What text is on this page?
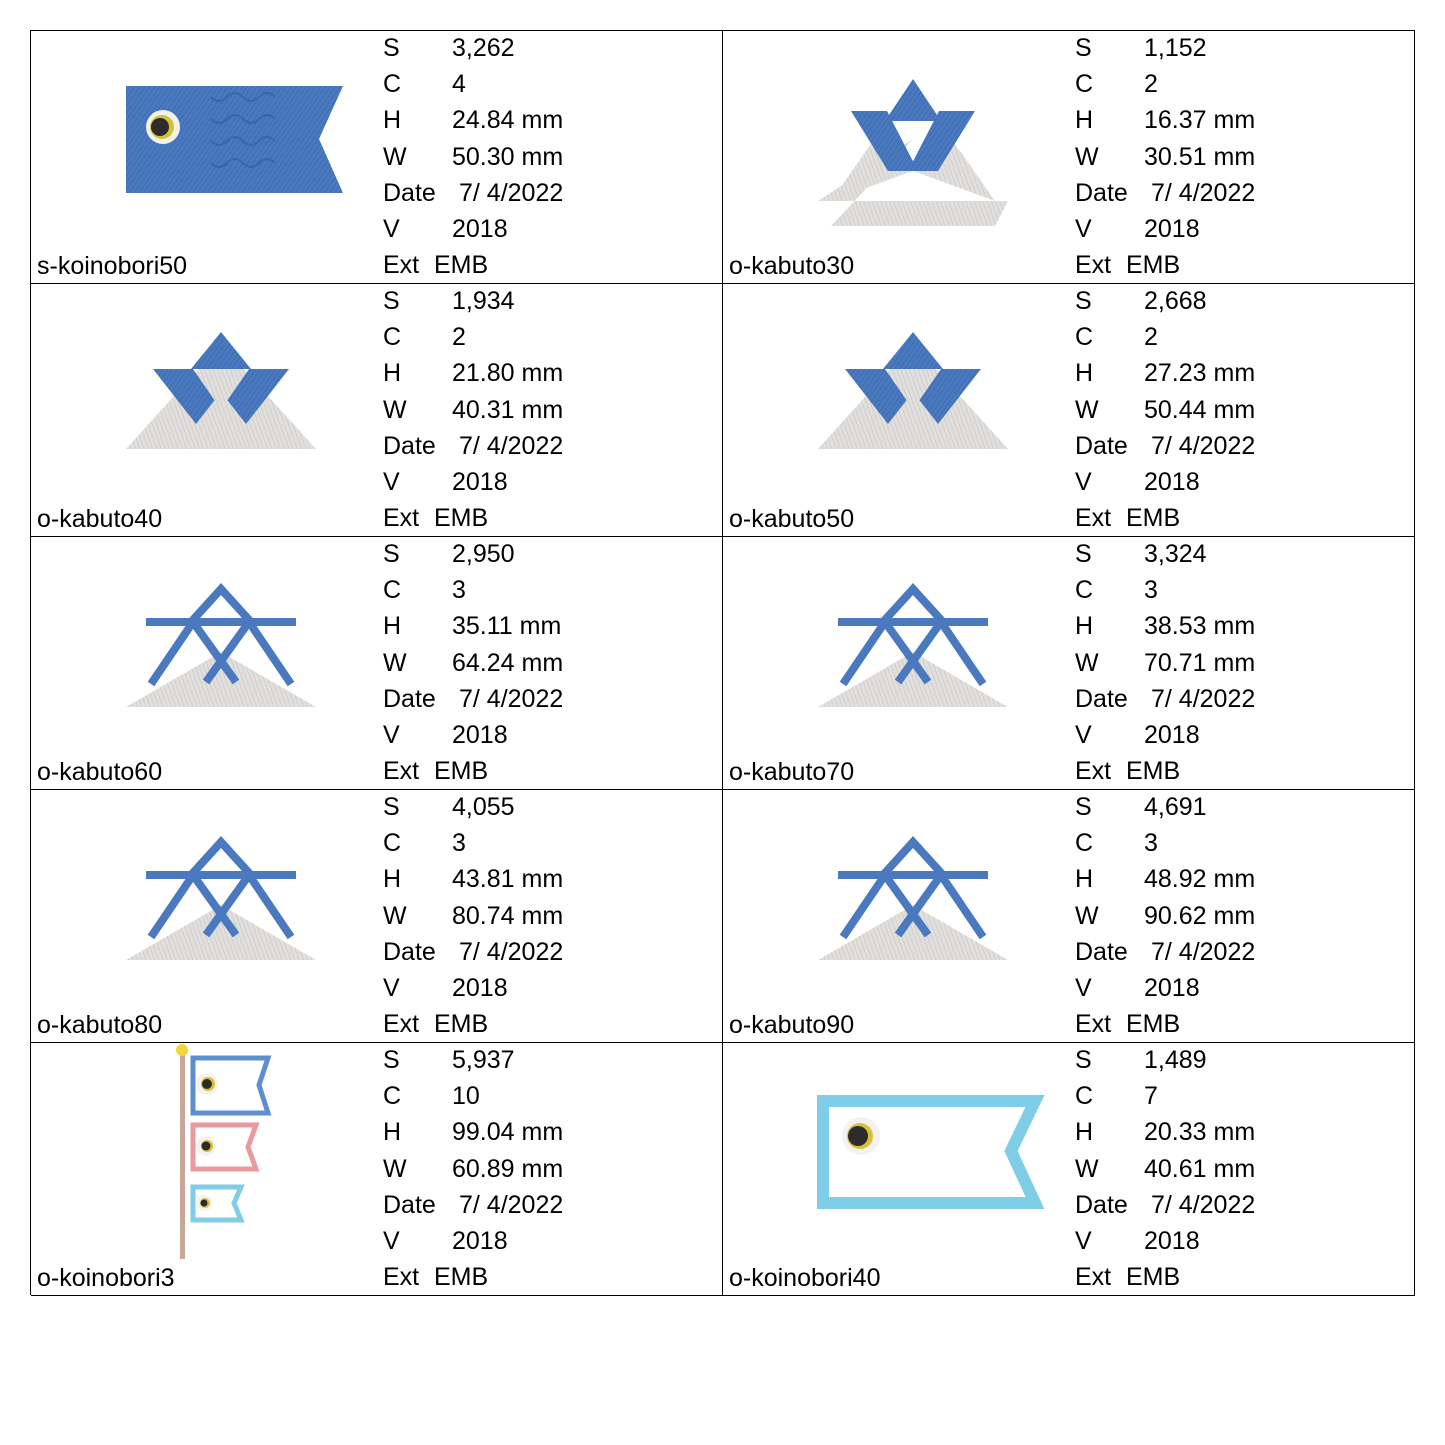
s-koinobori50
S 3,262
C 4
H 24.84 mm
W 50.30 mm
Date 7/ 4/2022
V 2018
Ext EMB	o-kabuto30
S 1,152
C 2
H 16.37 mm
W 30.51 mm
Date 7/ 4/2022
V 2018
Ext EMB
o-kabuto40
S 1,934
C 2
H 21.80 mm
W 40.31 mm
Date 7/ 4/2022
V 2018
Ext EMB	o-kabuto50
S 2,668
C 2
H 27.23 mm
W 50.44 mm
Date 7/ 4/2022
V 2018
Ext EMB
o-kabuto60
S 2,950
C 3
H 35.11 mm
W 64.24 mm
Date 7/ 4/2022
V 2018
Ext EMB	o-kabuto70
S 3,324
C 3
H 38.53 mm
W 70.71 mm
Date 7/ 4/2022
V 2018
Ext EMB
o-kabuto80
S 4,055
C 3
H 43.81 mm
W 80.74 mm
Date 7/ 4/2022
V 2018
Ext EMB	o-kabuto90
S 4,691
C 3
H 48.92 mm
W 90.62 mm
Date 7/ 4/2022
V 2018
Ext EMB
o-koinobori3
S 5,937
C 10
H 99.04 mm
W 60.89 mm
Date 7/ 4/2022
V 2018
Ext EMB	o-koinobori40
S 1,489
C 7
H 20.33 mm
W 40.61 mm
Date 7/ 4/2022
V 2018
Ext EMB
